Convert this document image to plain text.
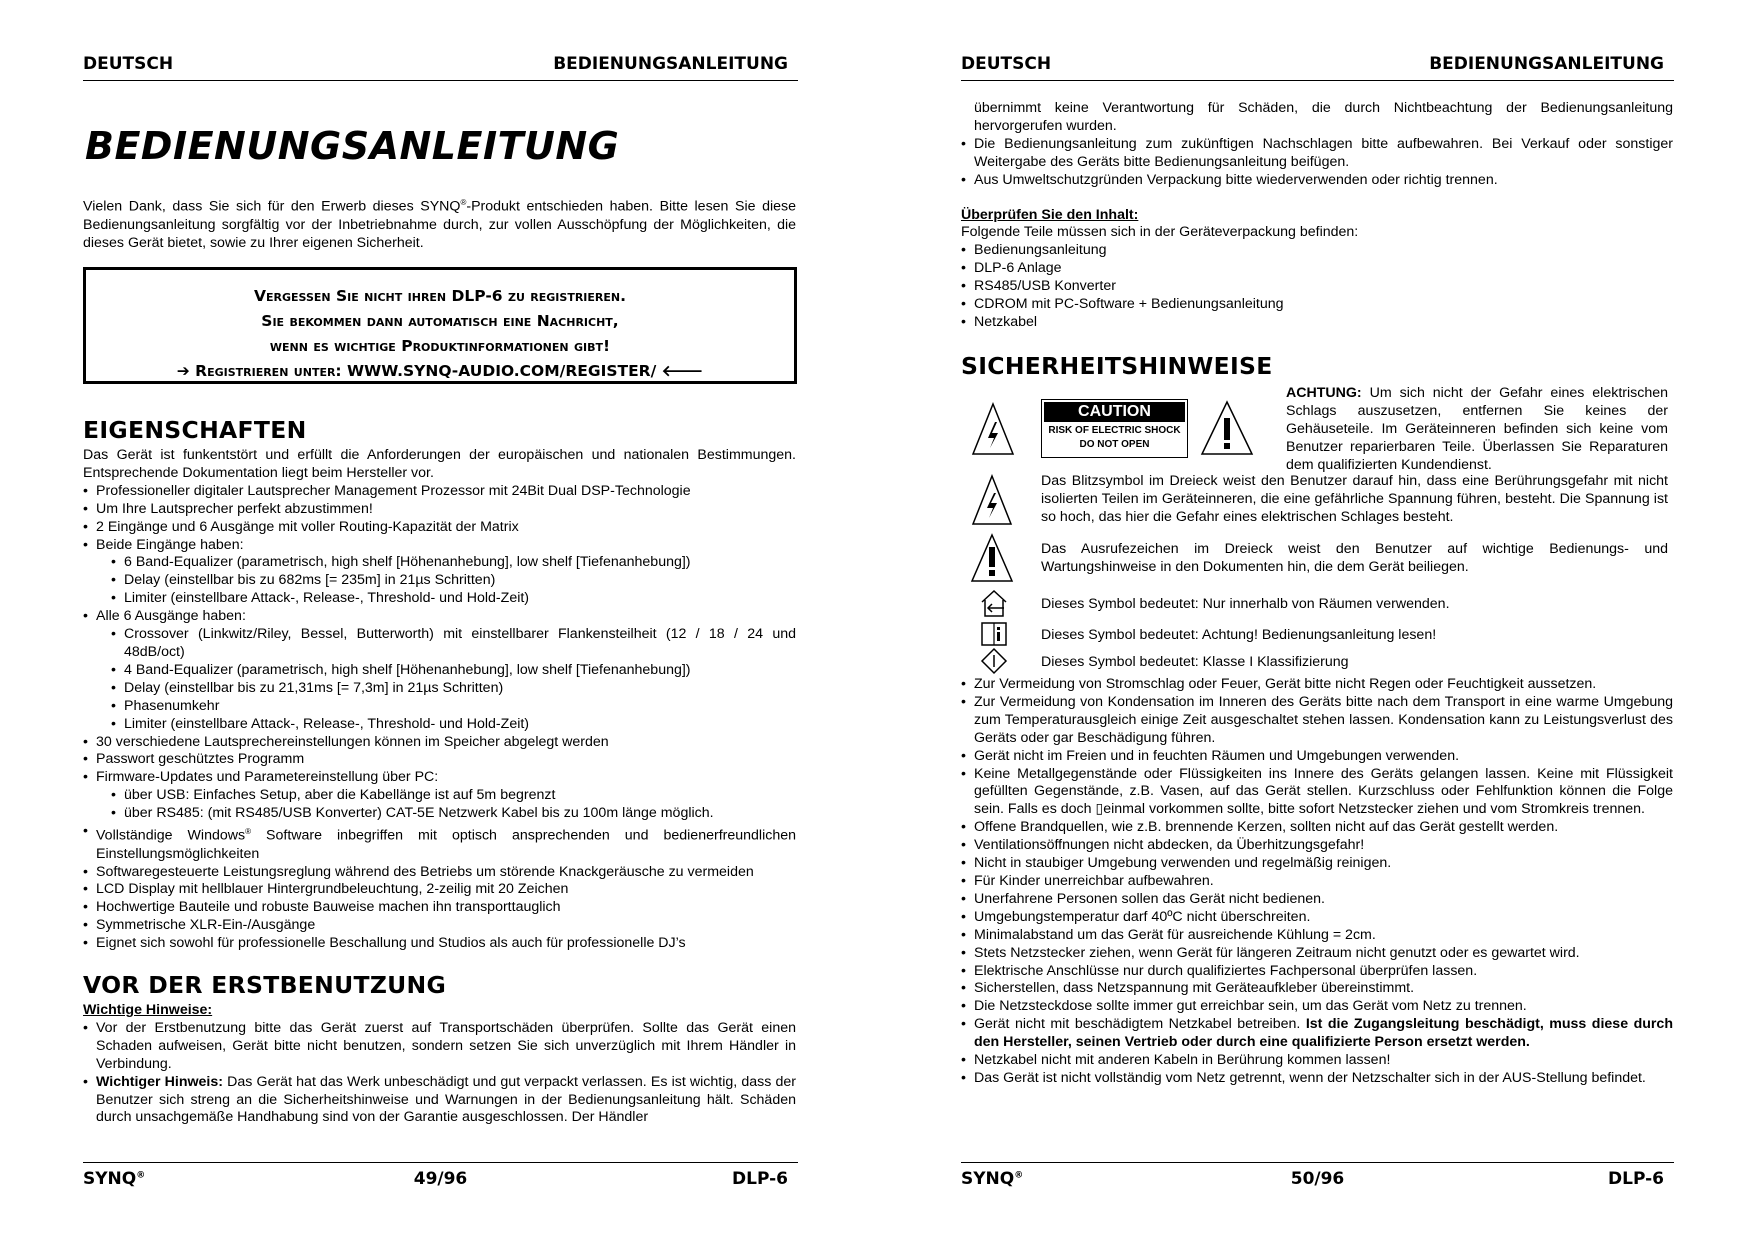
DEUTSCH	BEDIENUNGSANLEITUNG
BEDIENUNGSANLEITUNG
Vielen Dank, dass Sie sich für den Erwerb dieses SYNQ®-Produkt entschieden haben. Bitte lesen Sie diese Bedienungsanleitung sorgfältig vor der Inbetriebnahme durch, zur vollen Ausschöpfung der Möglichkeiten, die dieses Gerät bietet, sowie zu Ihrer eigenen Sicherheit.
Vergessen Sie nicht ihren DLP-6 zu registrieren.
Sie bekommen dann automatisch eine Nachricht,
wenn es wichtige Produktinformationen gibt!
➔ Registrieren unter: WWW.SYNQ-AUDIO.COM/REGISTER/ 🡐
EIGENSCHAFTEN
Das Gerät ist funkentstört und erfüllt die Anforderungen der europäischen und nationalen Bestimmungen. Entsprechende Dokumentation liegt beim Hersteller vor.
• Professioneller digitaler Lautsprecher Management Prozessor mit 24Bit Dual DSP-Technologie
• Um Ihre Lautsprecher perfekt abzustimmen!
• 2 Eingänge und 6 Ausgänge mit voller Routing-Kapazität der Matrix
• Beide Eingänge haben:
• 6 Band-Equalizer (parametrisch, high shelf [Höhenanhebung], low shelf [Tiefenanhebung])
• Delay (einstellbar bis zu 682ms [= 235m] in 21µs Schritten)
• Limiter (einstellbare Attack-, Release-, Threshold- und Hold-Zeit)
• Alle 6 Ausgänge haben:
• Crossover (Linkwitz/Riley, Bessel, Butterworth) mit einstellbarer Flankensteilheit (12 / 18 / 24 und 48dB/oct)
• 4 Band-Equalizer (parametrisch, high shelf [Höhenanhebung], low shelf [Tiefenanhebung])
• Delay (einstellbar bis zu 21,31ms [= 7,3m] in 21µs Schritten)
• Phasenumkehr
• Limiter (einstellbare Attack-, Release-, Threshold- und Hold-Zeit)
• 30 verschiedene Lautsprechereinstellungen können im Speicher abgelegt werden
• Passwort geschütztes Programm
• Firmware-Updates und Parametereinstellung über PC:
• über USB: Einfaches Setup, aber die Kabellänge ist auf 5m begrenzt
• über RS485: (mit RS485/USB Konverter) CAT-5E Netzwerk Kabel bis zu 100m länge möglich.
• Vollständige Windows® Software inbegriffen mit optisch ansprechenden und bedienerfreundlichen Einstellungsmöglichkeiten
• Softwaregesteuerte Leistungsreglung während des Betriebs um störende Knackgeräusche zu vermeiden
• LCD Display mit hellblauer Hintergrundbeleuchtung, 2-zeilig mit 20 Zeichen
• Hochwertige Bauteile und robuste Bauweise machen ihn transporttauglich
• Symmetrische XLR-Ein-/Ausgänge
• Eignet sich sowohl für professionelle Beschallung und Studios als auch für professionelle DJ’s
VOR DER ERSTBENUTZUNG
Wichtige Hinweise:
• Vor der Erstbenutzung bitte das Gerät zuerst auf Transportschäden überprüfen. Sollte das Gerät einen Schaden aufweisen, Gerät bitte nicht benutzen, sondern setzen Sie sich unverzüglich mit Ihrem Händler in Verbindung.
• Wichtiger Hinweis: Das Gerät hat das Werk unbeschädigt und gut verpackt verlassen. Es ist wichtig, dass der Benutzer sich streng an die Sicherheitshinweise und Warnungen in der Bedienungsanleitung hält. Schäden durch unsachgemäße Handhabung sind von der Garantie ausgeschlossen. Der Händler
SYNQ®	49/96	DLP-6
DEUTSCH	BEDIENUNGSANLEITUNG
übernimmt keine Verantwortung für Schäden, die durch Nichtbeachtung der Bedienungsanleitung hervorgerufen wurden.
• Die Bedienungsanleitung zum zukünftigen Nachschlagen bitte aufbewahren. Bei Verkauf oder sonstiger Weitergabe des Geräts bitte Bedienungsanleitung beifügen.
• Aus Umweltschutzgründen Verpackung bitte wiederverwenden oder richtig trennen.
Überprüfen Sie den Inhalt:
Folgende Teile müssen sich in der Geräteverpackung befinden:
• Bedienungsanleitung
• DLP-6 Anlage
• RS485/USB Konverter
• CDROM mit PC-Software + Bedienungsanleitung
• Netzkabel
SICHERHEITSHINWEISE
CAUTION
RISK OF ELECTRIC SHOCK
DO NOT OPEN
ACHTUNG: Um sich nicht der Gefahr eines elektrischen Schlags auszusetzen, entfernen Sie keines der Gehäuseteile. Im Geräteinneren befinden sich keine vom Benutzer reparierbaren Teile. Überlassen Sie Reparaturen dem qualifizierten Kundendienst.
Das Blitzsymbol im Dreieck weist den Benutzer darauf hin, dass eine Berührungsgefahr mit nicht isolierten Teilen im Geräteinneren, die eine gefährliche Spannung führen, besteht. Die Spannung ist so hoch, das hier die Gefahr eines elektrischen Schlages besteht.
Das Ausrufezeichen im Dreieck weist den Benutzer auf wichtige Bedienungs- und Wartungshinweise in den Dokumenten hin, die dem Gerät beiliegen.
Dieses Symbol bedeutet: Nur innerhalb von Räumen verwenden.
Dieses Symbol bedeutet: Achtung! Bedienungsanleitung lesen!
Dieses Symbol bedeutet: Klasse I Klassifizierung
• Zur Vermeidung von Stromschlag oder Feuer, Gerät bitte nicht Regen oder Feuchtigkeit aussetzen.
• Zur Vermeidung von Kondensation im Inneren des Geräts bitte nach dem Transport in eine warme Umgebung zum Temperaturausgleich einige Zeit ausgeschaltet stehen lassen. Kondensation kann zu Leistungsverlust des Geräts oder gar Beschädigung führen.
• Gerät nicht im Freien und in feuchten Räumen und Umgebungen verwenden.
• Keine Metallgegenstände oder Flüssigkeiten ins Innere des Geräts gelangen lassen. Keine mit Flüssigkeit gefüllten Gegenstände, z.B. Vasen, auf das Gerät stellen. Kurzschluss oder Fehlfunktion können die Folge sein. Falls es doch ▯einmal vorkommen sollte, bitte sofort Netzstecker ziehen und vom Stromkreis trennen.
• Offene Brandquellen, wie z.B. brennende Kerzen, sollten nicht auf das Gerät gestellt werden.
• Ventilationsöffnungen nicht abdecken, da Überhitzungsgefahr!
• Nicht in staubiger Umgebung verwenden und regelmäßig reinigen.
• Für Kinder unerreichbar aufbewahren.
• Unerfahrene Personen sollen das Gerät nicht bedienen.
• Umgebungstemperatur darf 40ºC nicht überschreiten.
• Minimalabstand um das Gerät für ausreichende Kühlung = 2cm.
• Stets Netzstecker ziehen, wenn Gerät für längeren Zeitraum nicht genutzt oder es gewartet wird.
• Elektrische Anschlüsse nur durch qualifiziertes Fachpersonal überprüfen lassen.
• Sicherstellen, dass Netzspannung mit Geräteaufkleber übereinstimmt.
• Die Netzsteckdose sollte immer gut erreichbar sein, um das Gerät vom Netz zu trennen.
• Gerät nicht mit beschädigtem Netzkabel betreiben. Ist die Zugangsleitung beschädigt, muss diese durch den Hersteller, seinen Vertrieb oder durch eine qualifizierte Person ersetzt werden.
• Netzkabel nicht mit anderen Kabeln in Berührung kommen lassen!
• Das Gerät ist nicht vollständig vom Netz getrennt, wenn der Netzschalter sich in der AUS-Stellung befindet.
SYNQ®	50/96	DLP-6
